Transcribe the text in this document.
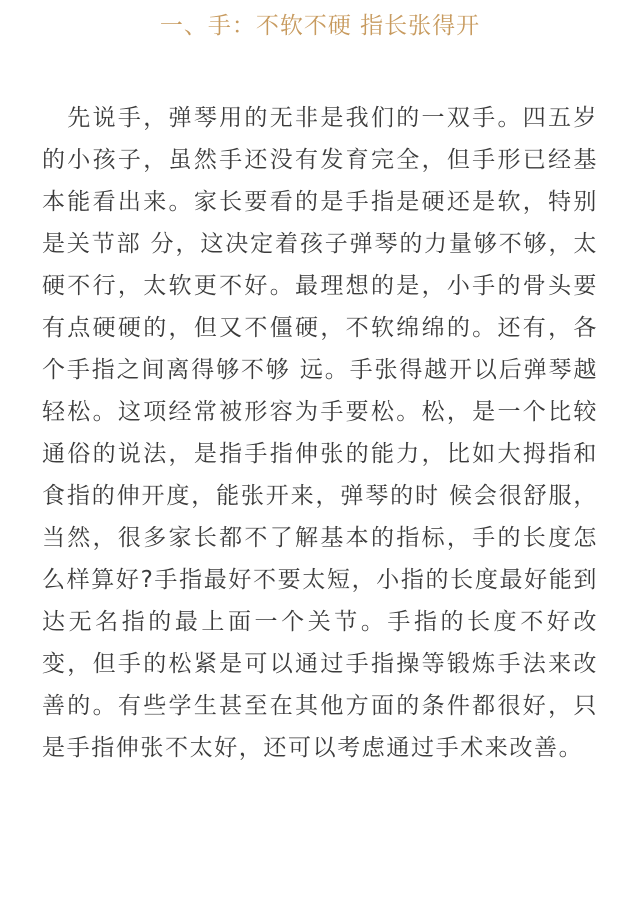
一、手：不软不硬 指长张得开

先说手，弹琴用的无非是我们的一双手。四五岁的小孩子，虽然手还没有发育完全，但手形已经基本能看出来。家长要看的是手指是硬还是软，特别是关节部 分，这决定着孩子弹琴的力量够不够，太硬不行，太软更不好。最理想的是，小手的骨头要有点硬硬的，但又不僵硬，不软绵绵的。还有，各个手指之间离得够不够 远。手张得越开以后弹琴越轻松。这项经常被形容为手要松。松，是一个比较通俗的说法，是指手指伸张的能力，比如大拇指和食指的伸开度，能张开来，弹琴的时 候会很舒服，当然，很多家长都不了解基本的指标，手的长度怎么样算好?手指最好不要太短，小指的长度最好能到达无名指的最上面一个关节。手指的长度不好改 变，但手的松紧是可以通过手指操等锻炼手法来改善的。有些学生甚至在其他方面的条件都很好，只是手指伸张不太好，还可以考虑通过手术来改善。
